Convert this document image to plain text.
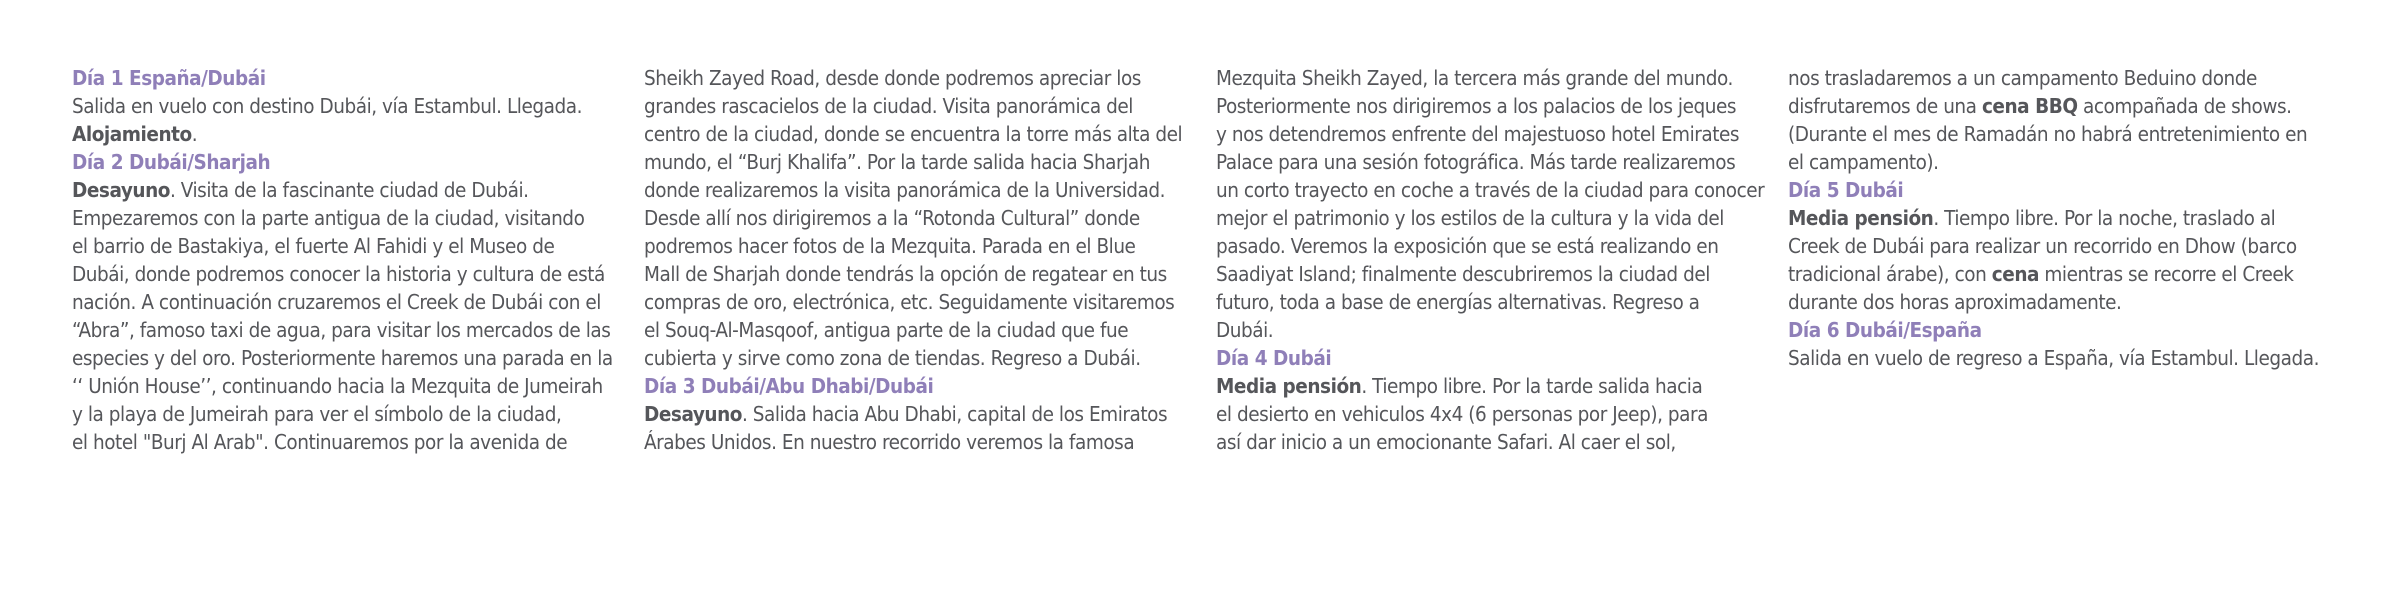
Día 1 España/Dubái
Salida en vuelo con destino Dubái, vía Estambul. Llegada.
Alojamiento.
Día 2 Dubái/Sharjah
Desayuno. Visita de la fascinante ciudad de Dubái.
Empezaremos con la parte antigua de la ciudad, visitando
el barrio de Bastakiya, el fuerte Al Fahidi y el Museo de
Dubái, donde podremos conocer la historia y cultura de está
nación. A continuación cruzaremos el Creek de Dubái con el
“Abra”, famoso taxi de agua, para visitar los mercados de las
especies y del oro. Posteriormente haremos una parada en la
‘‘ Unión House’’, continuando hacia la Mezquita de Jumeirah
y la playa de Jumeirah para ver el símbolo de la ciudad,
el hotel "Burj Al Arab". Continuaremos por la avenida de
Sheikh Zayed Road, desde donde podremos apreciar los
grandes rascacielos de la ciudad. Visita panorámica del
centro de la ciudad, donde se encuentra la torre más alta del
mundo, el “Burj Khalifa”. Por la tarde salida hacia Sharjah
donde realizaremos la visita panorámica de la Universidad.
Desde allí nos dirigiremos a la “Rotonda Cultural” donde
podremos hacer fotos de la Mezquita. Parada en el Blue
Mall de Sharjah donde tendrás la opción de regatear en tus
compras de oro, electrónica, etc. Seguidamente visitaremos
el Souq-Al-Masqoof, antigua parte de la ciudad que fue
cubierta y sirve como zona de tiendas. Regreso a Dubái.
Día 3 Dubái/Abu Dhabi/Dubái
Desayuno. Salida hacia Abu Dhabi, capital de los Emiratos
Árabes Unidos. En nuestro recorrido veremos la famosa
Mezquita Sheikh Zayed, la tercera más grande del mundo.
Posteriormente nos dirigiremos a los palacios de los jeques
y nos detendremos enfrente del majestuoso hotel Emirates
Palace para una sesión fotográfica. Más tarde realizaremos
un corto trayecto en coche a través de la ciudad para conocer
mejor el patrimonio y los estilos de la cultura y la vida del
pasado. Veremos la exposición que se está realizando en
Saadiyat Island; finalmente descubriremos la ciudad del
futuro, toda a base de energías alternativas. Regreso a
Dubái.
Día 4 Dubái
Media pensión. Tiempo libre. Por la tarde salida hacia
el desierto en vehiculos 4x4 (6 personas por Jeep), para
así dar inicio a un emocionante Safari. Al caer el sol,
nos trasladaremos a un campamento Beduino donde
disfrutaremos de una cena BBQ acompañada de shows.
(Durante el mes de Ramadán no habrá entretenimiento en
el campamento).
Día 5 Dubái
Media pensión. Tiempo libre. Por la noche, traslado al
Creek de Dubái para realizar un recorrido en Dhow (barco
tradicional árabe), con cena mientras se recorre el Creek
durante dos horas aproximadamente.
Día 6 Dubái/España
Salida en vuelo de regreso a España, vía Estambul. Llegada.
